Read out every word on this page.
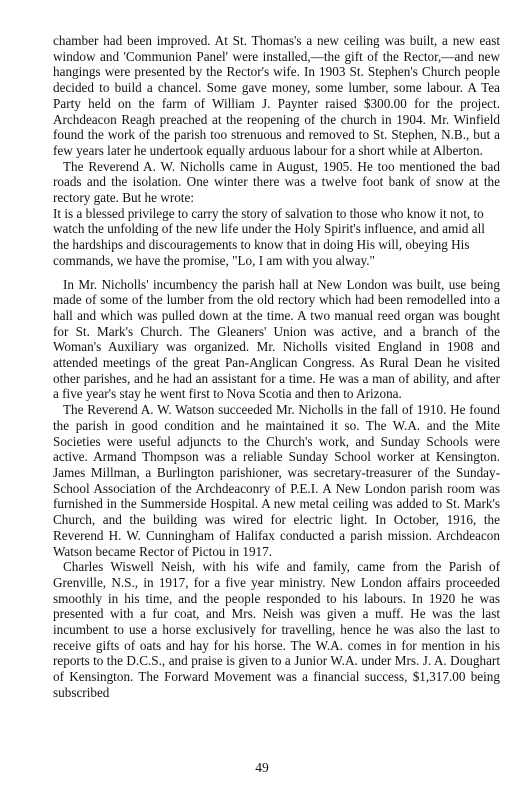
chamber had been improved. At St. Thomas's a new ceiling was built, a new east window and 'Communion Panel' were installed,—the gift of the Rector,—and new hangings were presented by the Rector's wife. In 1903 St. Stephen's Church people decided to build a chancel. Some gave money, some lumber, some labour. A Tea Party held on the farm of William J. Paynter raised $300.00 for the project. Archdeacon Reagh preached at the reopening of the church in 1904. Mr. Winfield found the work of the parish too strenuous and removed to St. Stephen, N.B., but a few years later he undertook equally arduous labour for a short while at Alberton.

The Reverend A. W. Nicholls came in August, 1905. He too mentioned the bad roads and the isolation. One winter there was a twelve foot bank of snow at the rectory gate. But he wrote:

It is a blessed privilege to carry the story of salvation to those who know it not, to watch the unfolding of the new life under the Holy Spirit's influence, and amid all the hardships and discouragements to know that in doing His will, obeying His commands, we have the promise, "Lo, I am with you alway."

In Mr. Nicholls' incumbency the parish hall at New London was built, use being made of some of the lumber from the old rectory which had been remodelled into a hall and which was pulled down at the time. A two manual reed organ was bought for St. Mark's Church. The Gleaners' Union was active, and a branch of the Woman's Auxiliary was organized. Mr. Nicholls visited England in 1908 and attended meetings of the great Pan-Anglican Congress. As Rural Dean he visited other parishes, and he had an assistant for a time. He was a man of ability, and after a five year's stay he went first to Nova Scotia and then to Arizona.

The Reverend A. W. Watson succeeded Mr. Nicholls in the fall of 1910. He found the parish in good condition and he maintained it so. The W.A. and the Mite Societies were useful adjuncts to the Church's work, and Sunday Schools were active. Armand Thompson was a reliable Sunday School worker at Kensington. James Millman, a Burlington parishioner, was secretary-treasurer of the Sunday-School Association of the Archdeaconry of P.E.I. A New London parish room was furnished in the Summerside Hospital. A new metal ceiling was added to St. Mark's Church, and the building was wired for electric light. In October, 1916, the Reverend H. W. Cunningham of Halifax conducted a parish mission. Archdeacon Watson became Rector of Pictou in 1917.

Charles Wiswell Neish, with his wife and family, came from the Parish of Grenville, N.S., in 1917, for a five year ministry. New London affairs proceeded smoothly in his time, and the people responded to his labours. In 1920 he was presented with a fur coat, and Mrs. Neish was given a muff. He was the last incumbent to use a horse exclusively for travelling, hence he was also the last to receive gifts of oats and hay for his horse. The W.A. comes in for mention in his reports to the D.C.S., and praise is given to a Junior W.A. under Mrs. J. A. Doughart of Kensington. The Forward Movement was a financial success, $1,317.00 being subscribed

49
